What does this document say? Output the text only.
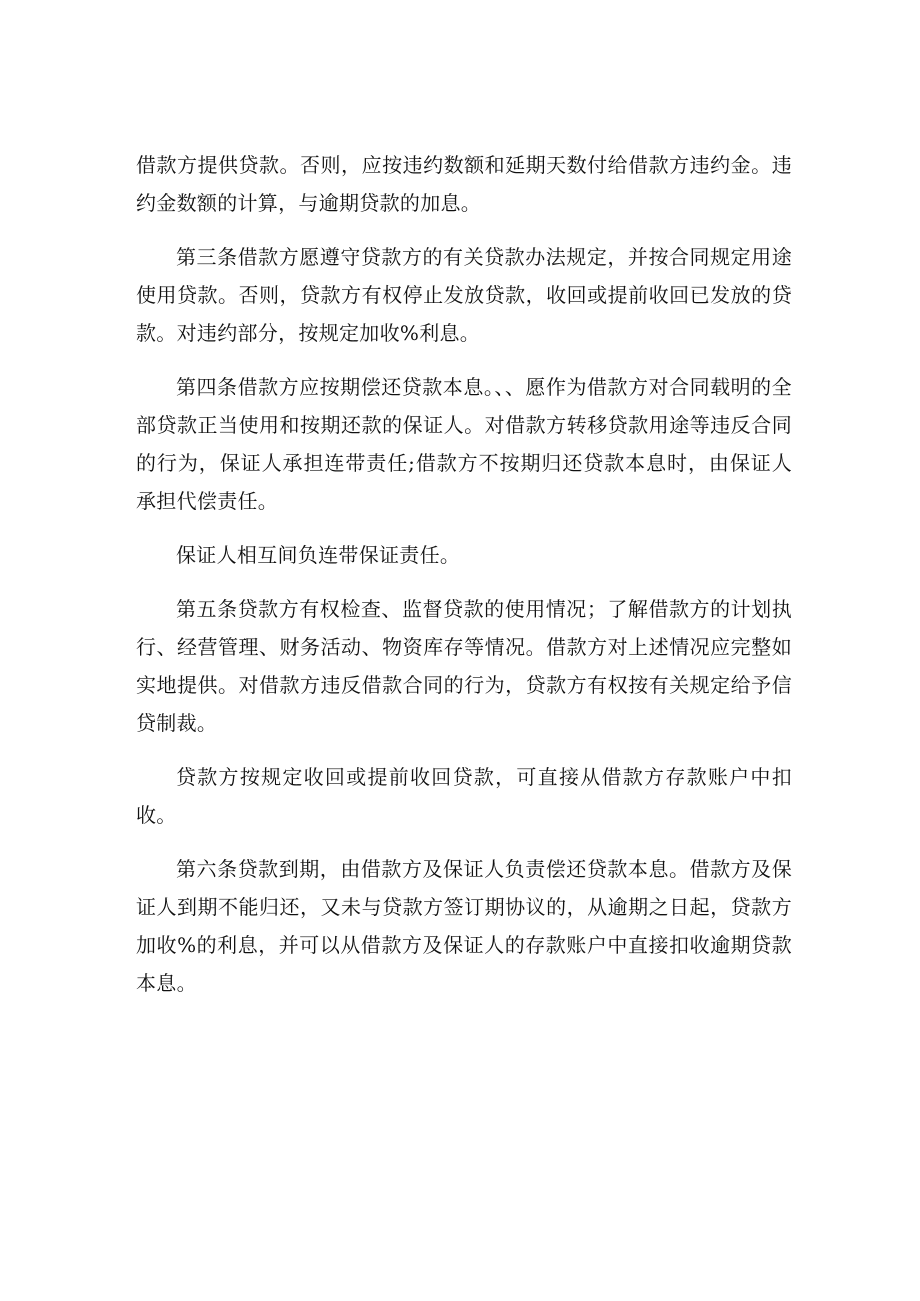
借款方提供贷款。否则，应按违约数额和延期天数付给借款方违约金。违约金数额的计算，与逾期贷款的加息。

第三条借款方愿遵守贷款方的有关贷款办法规定，并按合同规定用途使用贷款。否则，贷款方有权停止发放贷款，收回或提前收回已发放的贷款。对违约部分，按规定加收%利息。

第四条借款方应按期偿还贷款本息。、、愿作为借款方对合同载明的全部贷款正当使用和按期还款的保证人。对借款方转移贷款用途等违反合同的行为，保证人承担连带责任;借款方不按期归还贷款本息时，由保证人承担代偿责任。

保证人相互间负连带保证责任。

第五条贷款方有权检查、监督贷款的使用情况；了解借款方的计划执行、经营管理、财务活动、物资库存等情况。借款方对上述情况应完整如实地提供。对借款方违反借款合同的行为，贷款方有权按有关规定给予信贷制裁。

贷款方按规定收回或提前收回贷款，可直接从借款方存款账户中扣收。

第六条贷款到期，由借款方及保证人负责偿还贷款本息。借款方及保证人到期不能归还，又未与贷款方签订期协议的，从逾期之日起，贷款方加收%的利息，并可以从借款方及保证人的存款账户中直接扣收逾期贷款本息。
